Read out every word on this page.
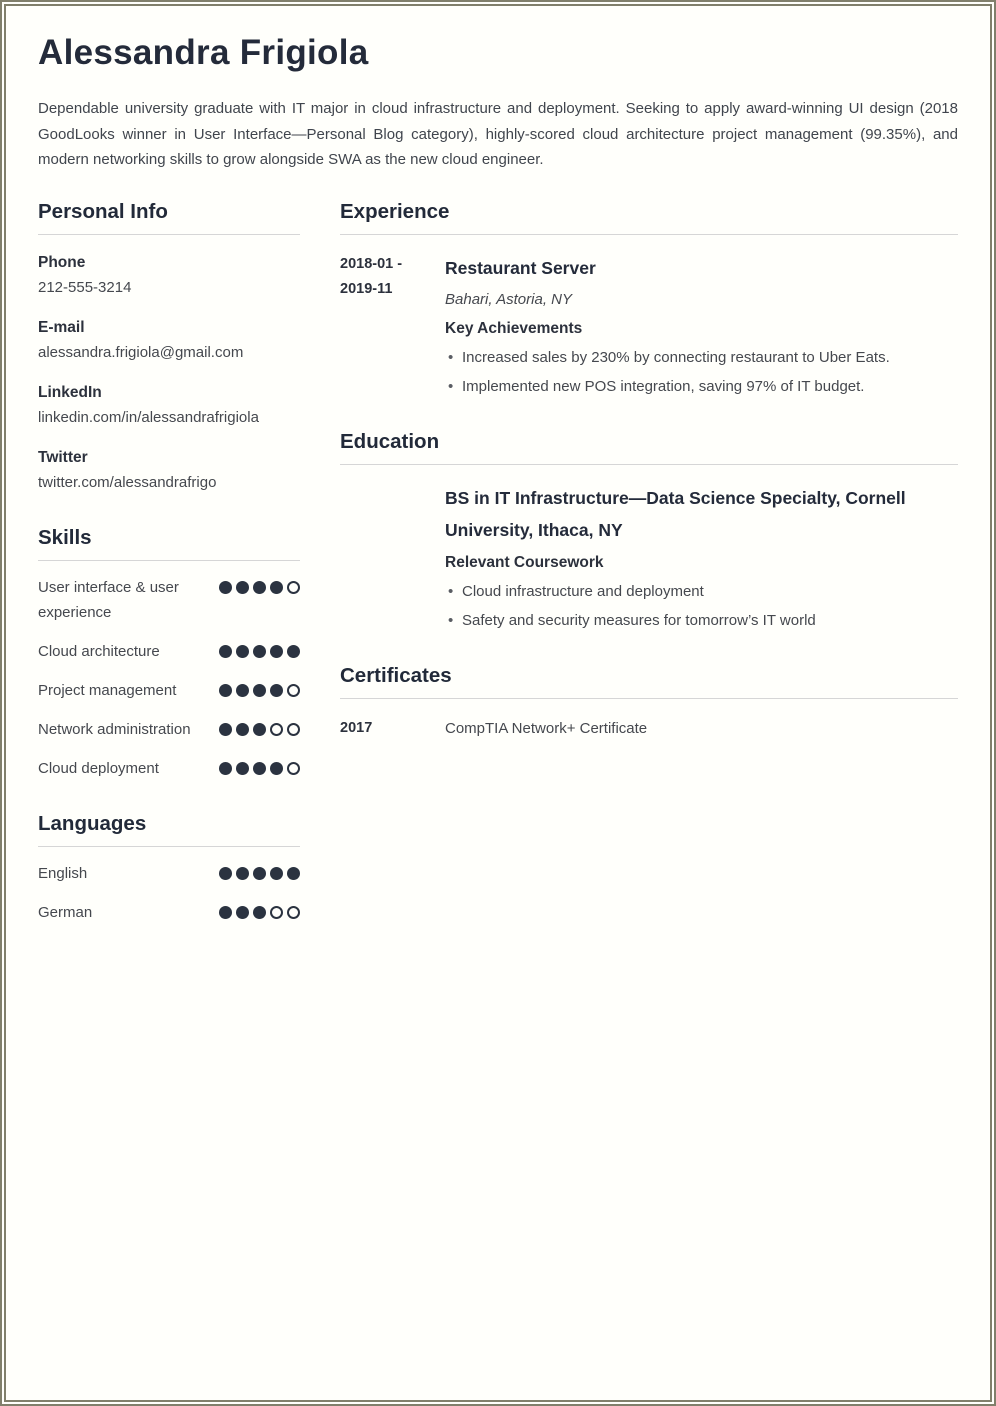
Alessandra Frigiola

Dependable university graduate with IT major in cloud infrastructure and deployment. Seeking to apply award-winning UI design (2018 GoodLooks winner in User Interface—Personal Blog category), highly-scored cloud architecture project management (99.35%), and modern networking skills to grow alongside SWA as the new cloud engineer.

Personal Info
Phone
212-555-3214
E-mail
alessandra.frigiola@gmail.com
LinkedIn
linkedin.com/in/alessandrafrigiola
Twitter
twitter.com/alessandrafrigo
Skills
User interface & user experience
Cloud architecture
Project management
Network administration
Cloud deployment
Languages
English
German
Experience
2018-01 -
2019-11
Restaurant Server
Bahari, Astoria, NY
Key Achievements
• Increased sales by 230% by connecting restaurant to Uber Eats.
• Implemented new POS integration, saving 97% of IT budget.
Education
BS in IT Infrastructure—Data Science Specialty, Cornell University, Ithaca, NY
Relevant Coursework
• Cloud infrastructure and deployment
• Safety and security measures for tomorrow’s IT world
Certificates
2017	CompTIA Network+ Certificate
